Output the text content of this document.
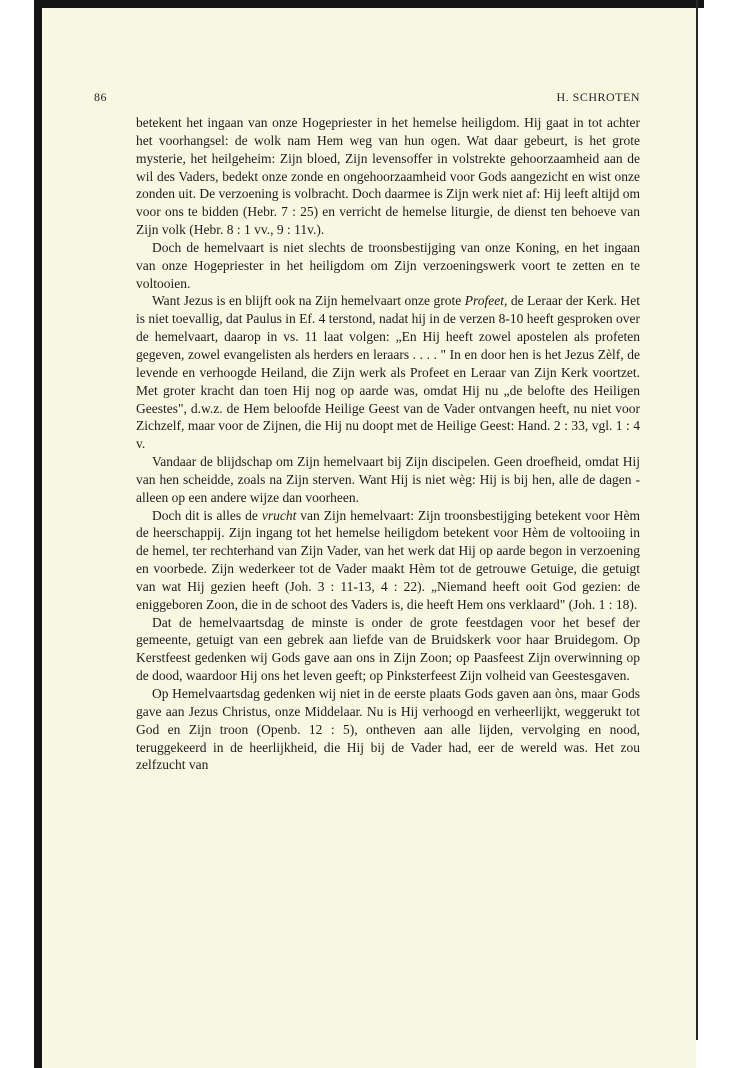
86	H. SCHROTEN

betekent het ingaan van onze Hogepriester in het hemelse heiligdom. Hij gaat in tot achter het voorhangsel: de wolk nam Hem weg van hun ogen. Wat daar gebeurt, is het grote mysterie, het heilgeheim: Zijn bloed, Zijn levensoffer in volstrekte gehoorzaamheid aan de wil des Vaders, bedekt onze zonde en ongehoorzaamheid voor Gods aangezicht en wist onze zonden uit. De verzoening is volbracht. Doch daarmee is Zijn werk niet af: Hij leeft altijd om voor ons te bidden (Hebr. 7 : 25) en verricht de hemelse liturgie, de dienst ten behoeve van Zijn volk (Hebr. 8 : 1 vv., 9 : 11v.).

Doch de hemelvaart is niet slechts de troonsbestijging van onze Koning, en het ingaan van onze Hogepriester in het heiligdom om Zijn verzoeningswerk voort te zetten en te voltooien.

Want Jezus is en blijft ook na Zijn hemelvaart onze grote Profeet, de Leraar der Kerk. Het is niet toevallig, dat Paulus in Ef. 4 terstond, nadat hij in de verzen 8-10 heeft gesproken over de hemelvaart, daarop in vs. 11 laat volgen: „En Hij heeft zowel apostelen als profeten gegeven, zowel evangelisten als herders en leraars . . . . " In en door hen is het Jezus Zèlf, de levende en verhoogde Heiland, die Zijn werk als Profeet en Leraar van Zijn Kerk voortzet. Met groter kracht dan toen Hij nog op aarde was, omdat Hij nu „de belofte des Heiligen Geestes", d.w.z. de Hem beloofde Heilige Geest van de Vader ontvangen heeft, nu niet voor Zichzelf, maar voor de Zijnen, die Hij nu doopt met de Heilige Geest: Hand. 2 : 33, vgl. 1 : 4 v.

Vandaar de blijdschap om Zijn hemelvaart bij Zijn discipelen. Geen droefheid, omdat Hij van hen scheidde, zoals na Zijn sterven. Want Hij is niet wèg: Hij is bij hen, alle de dagen - alleen op een andere wijze dan voorheen.

Doch dit is alles de vrucht van Zijn hemelvaart: Zijn troonsbestijging betekent voor Hèm de heerschappij. Zijn ingang tot het hemelse heiligdom betekent voor Hèm de voltooiing in de hemel, ter rechterhand van Zijn Vader, van het werk dat Hij op aarde begon in verzoening en voorbede. Zijn wederkeer tot de Vader maakt Hèm tot de getrouwe Getuige, die getuigt van wat Hij gezien heeft (Joh. 3 : 11-13, 4 : 22). „Niemand heeft ooit God gezien: de eniggeboren Zoon, die in de schoot des Vaders is, die heeft Hem ons verklaard" (Joh. 1 : 18).

Dat de hemelvaartsdag de minste is onder de grote feestdagen voor het besef der gemeente, getuigt van een gebrek aan liefde van de Bruidskerk voor haar Bruidegom. Op Kerstfeest gedenken wij Gods gave aan ons in Zijn Zoon; op Paasfeest Zijn overwinning op de dood, waardoor Hij ons het leven geeft; op Pinksterfeest Zijn volheid van Geestesgaven.

Op Hemelvaartsdag gedenken wij niet in de eerste plaats Gods gaven aan òns, maar Gods gave aan Jezus Christus, onze Middelaar. Nu is Hij verhoogd en verheerlijkt, weggerukt tot God en Zijn troon (Openb. 12 : 5), ontheven aan alle lijden, vervolging en nood, teruggekeerd in de heerlijkheid, die Hij bij de Vader had, eer de wereld was. Het zou zelfzucht van
